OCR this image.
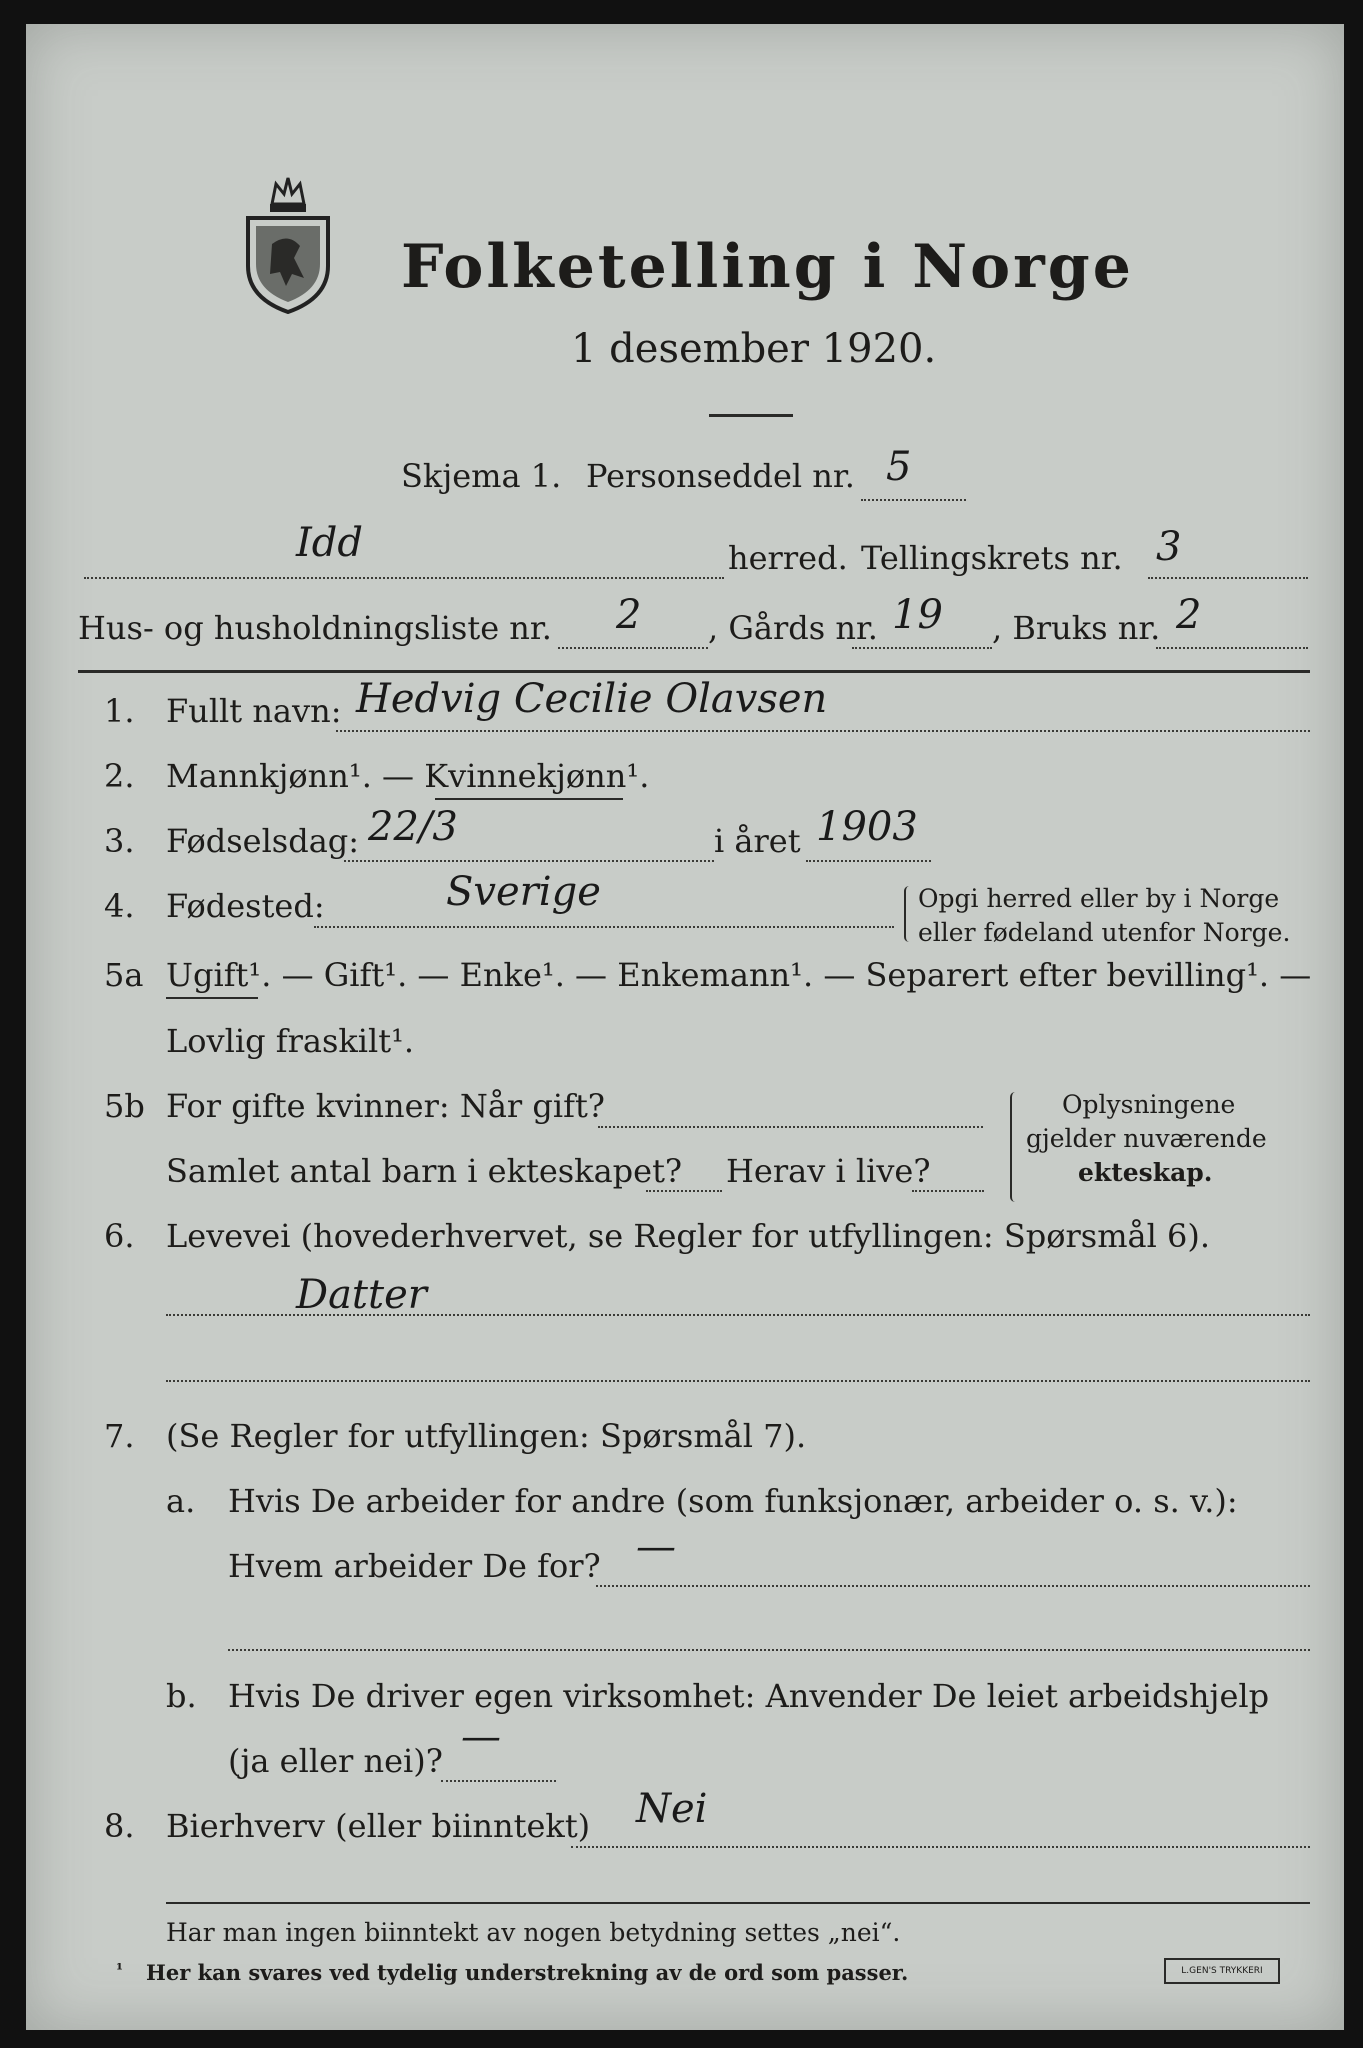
Folketelling i Norge
1 desember 1920.
Skjema 1. Personseddel nr. 5
Idd	herred. Tellingskrets nr. 3
Hus- og husholdningsliste nr. 2 , Gårds nr. 19 , Bruks nr. 2
1. Fullt navn: Hedvig Cecilie Olavsen
2. Mannkjønn¹. — Kvinnekjønn¹.
3. Fødselsdag: 22/3	i året 1903
4. Fødested:	Sverige	Opgi herred eller by i Norge
eller fødeland utenfor Norge.
5a Ugift¹. — Gift¹. — Enke¹. — Enkemann¹. — Separert efter bevilling¹. —
Lovlig fraskilt¹.
5b For gifte kvinner: Når gift?
Samlet antal barn i ekteskapet? Herav i live?
Oplysningene
gjelder nuværende
ekteskap.
6. Levevei (hovederhvervet, se Regler for utfyllingen: Spørsmål 6).
Datter
7. (Se Regler for utfyllingen: Spørsmål 7).
a. Hvis De arbeider for andre (som funksjonær, arbeider o. s. v.):
Hvem arbeider De for? —
b. Hvis De driver egen virksomhet: Anvender De leiet arbeidshjelp
(ja eller nei)?
—
8. Bierhverv (eller biinntekt) Nei
Har man ingen biinntekt av nogen betydning settes „nei“.
¹ Her kan svares ved tydelig understrekning av de ord som passer.	L.GEN'S TRYKKERI
